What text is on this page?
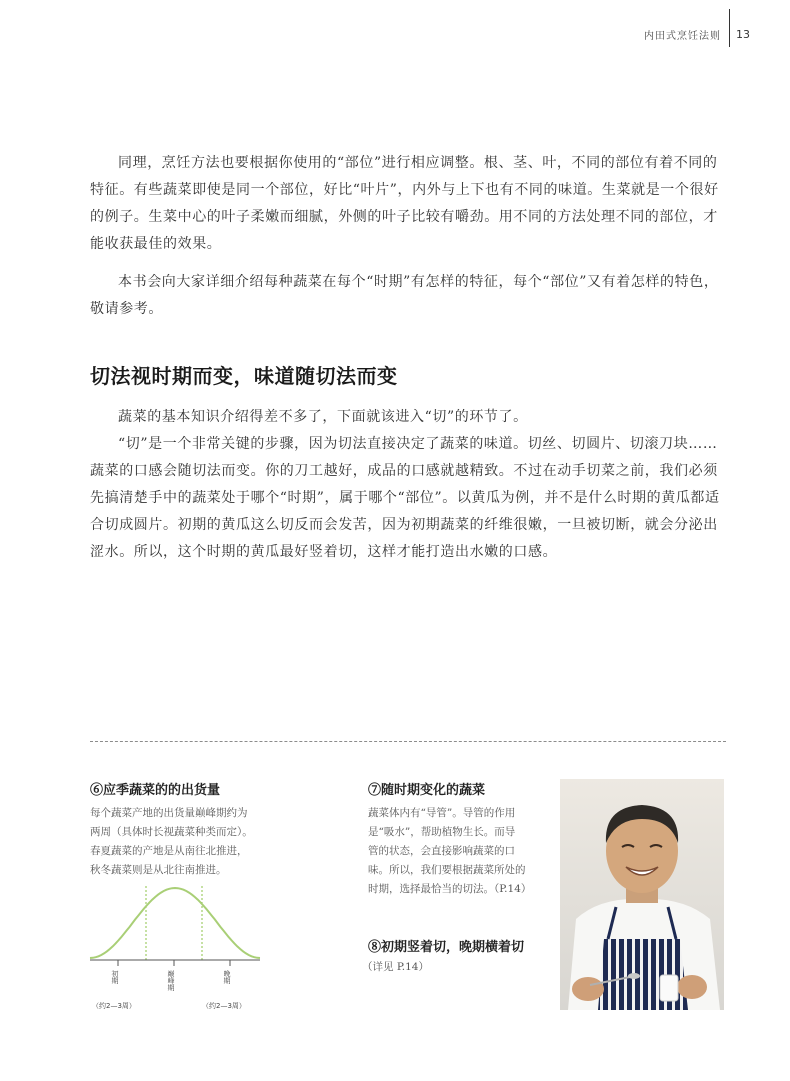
内田式烹饪法则 13

同理，烹饪方法也要根据你使用的“部位”进行相应调整。根、茎、叶，不同的部位有着不同的特征。有些蔬菜即使是同一个部位，好比“叶片”，内外与上下也有不同的味道。生菜就是一个很好的例子。生菜中心的叶子柔嫩而细腻，外侧的叶子比较有嚼劲。用不同的方法处理不同的部位，才能收获最佳的效果。

本书会向大家详细介绍每种蔬菜在每个“时期”有怎样的特征，每个“部位”又有着怎样的特色，敬请参考。

切法视时期而变，味道随切法而变

蔬菜的基本知识介绍得差不多了，下面就该进入“切”的环节了。

“切”是一个非常关键的步骤，因为切法直接决定了蔬菜的味道。切丝、切圆片、切滚刀块……蔬菜的口感会随切法而变。你的刀工越好，成品的口感就越精致。不过在动手切菜之前，我们必须先搞清楚手中的蔬菜处于哪个“时期”，属于哪个“部位”。以黄瓜为例，并不是什么时期的黄瓜都适合切成圆片。初期的黄瓜这么切反而会发苦，因为初期蔬菜的纤维很嫩，一旦被切断，就会分泌出涩水。所以，这个时期的黄瓜最好竖着切，这样才能打造出水嫩的口感。

⑥应季蔬菜的的出货量
每个蔬菜产地的出货量巅峰期约为
两周（具体时长视蔬菜种类而定）。
春夏蔬菜的产地是从南往北推进，
秋冬蔬菜则是从北往南推进。
初期	巅峰期	晚期
（约2—3周）	（约2—3周）
⑦随时期变化的蔬菜
蔬菜体内有“导管”。导管的作用
是“吸水”，帮助植物生长。而导
管的状态，会直接影响蔬菜的口
味。所以，我们要根据蔬菜所处的
时期，选择最恰当的切法。（P.14）
⑧初期竖着切，晚期横着切
（详见 P.14）
